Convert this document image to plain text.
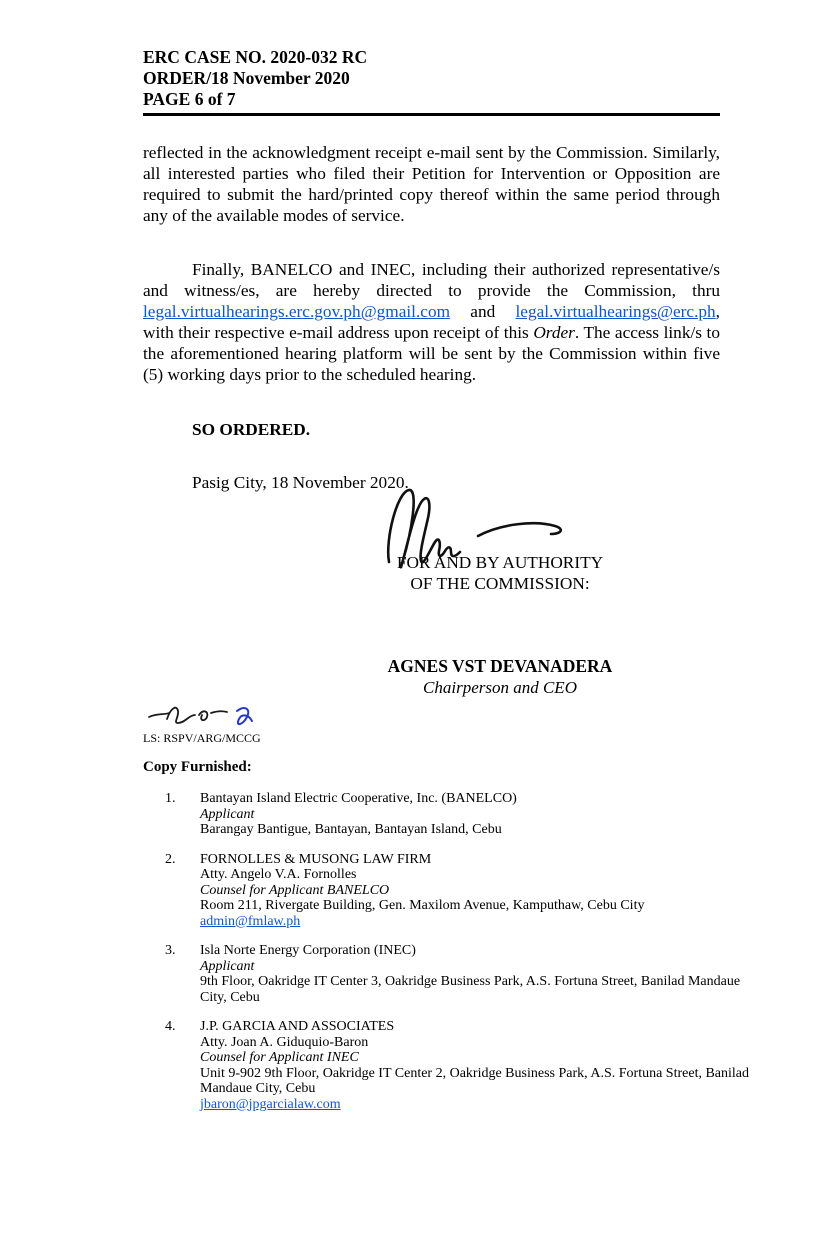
ERC CASE NO. 2020-032 RC
ORDER/18 November 2020
PAGE 6 of 7

reflected in the acknowledgment receipt e-mail sent by the Commission. Similarly, all interested parties who filed their Petition for Intervention or Opposition are required to submit the hard/printed copy thereof within the same period through any of the available modes of service.

Finally, BANELCO and INEC, including their authorized representative/s and witness/es, are hereby directed to provide the Commission, thru legal.virtualhearings.erc.gov.ph@gmail.com and legal.virtualhearings@erc.ph, with their respective e-mail address upon receipt of this Order. The access link/s to the aforementioned hearing platform will be sent by the Commission within five (5) working days prior to the scheduled hearing.

SO ORDERED.
Pasig City, 18 November 2020.
FOR AND BY AUTHORITY
OF THE COMMISSION:
AGNES VST DEVANADERA
Chairperson and CEO
LS: RSPV/ARG/MCCG
Copy Furnished:
1. Bantayan Island Electric Cooperative, Inc. (BANELCO)
Applicant
Barangay Bantigue, Bantayan, Bantayan Island, Cebu
2. FORNOLLES & MUSONG LAW FIRM
Atty. Angelo V.A. Fornolles
Counsel for Applicant BANELCO
Room 211, Rivergate Building, Gen. Maxilom Avenue, Kamputhaw, Cebu City
admin@fmlaw.ph
3. Isla Norte Energy Corporation (INEC)
Applicant
9th Floor, Oakridge IT Center 3, Oakridge Business Park, A.S. Fortuna Street, Banilad Mandaue City, Cebu
4. J.P. GARCIA AND ASSOCIATES
Atty. Joan A. Giduquio-Baron
Counsel for Applicant INEC
Unit 9-902 9th Floor, Oakridge IT Center 2, Oakridge Business Park, A.S. Fortuna Street, Banilad Mandaue City, Cebu
jbaron@jpgarcialaw.com
